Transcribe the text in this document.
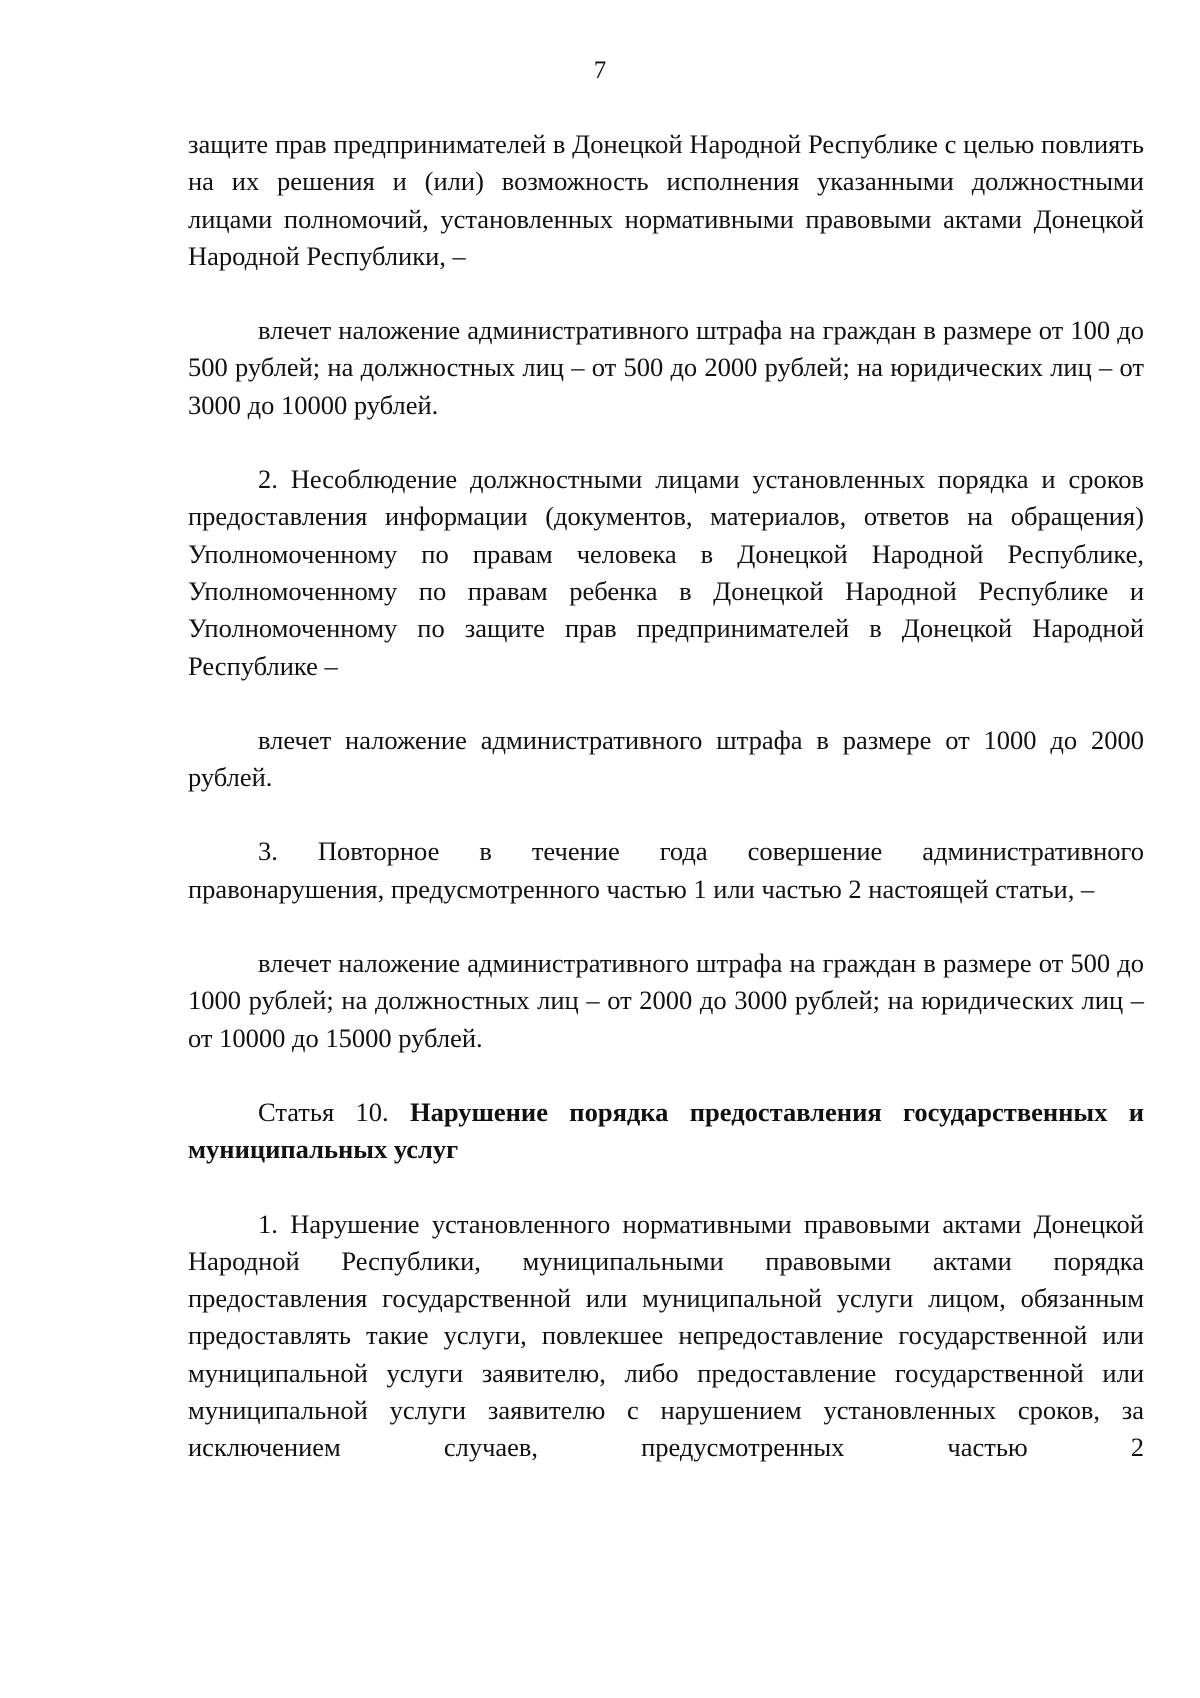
7

защите прав предпринимателей в Донецкой Народной Республике с целью повлиять на их решения и (или) возможность исполнения указанными должностными лицами полномочий, установленных нормативными правовыми актами Донецкой Народной Республики, –

влечет наложение административного штрафа на граждан в размере от 100 до 500 рублей; на должностных лиц – от 500 до 2000 рублей; на юридических лиц – от 3000 до 10000 рублей.

2. Несоблюдение должностными лицами установленных порядка и сроков предоставления информации (документов, материалов, ответов на обращения) Уполномоченному по правам человека в Донецкой Народной Республике, Уполномоченному по правам ребенка в Донецкой Народной Республике и Уполномоченному по защите прав предпринимателей в Донецкой Народной Республике –

влечет наложение административного штрафа в размере от 1000 до 2000 рублей.

3. Повторное в течение года совершение административного правонарушения, предусмотренного частью 1 или частью 2 настоящей статьи, –

влечет наложение административного штрафа на граждан в размере от 500 до 1000 рублей; на должностных лиц – от 2000 до 3000 рублей; на юридических лиц – от 10000 до 15000 рублей.

Статья 10. Нарушение порядка предоставления государственных и муниципальных услуг

1. Нарушение установленного нормативными правовыми актами Донецкой Народной Республики, муниципальными правовыми актами порядка предоставления государственной или муниципальной услуги лицом, обязанным предоставлять такие услуги, повлекшее непредоставление государственной или муниципальной услуги заявителю, либо предоставление государственной или муниципальной услуги заявителю с нарушением установленных сроков, за исключением случаев, предусмотренных частью 2
